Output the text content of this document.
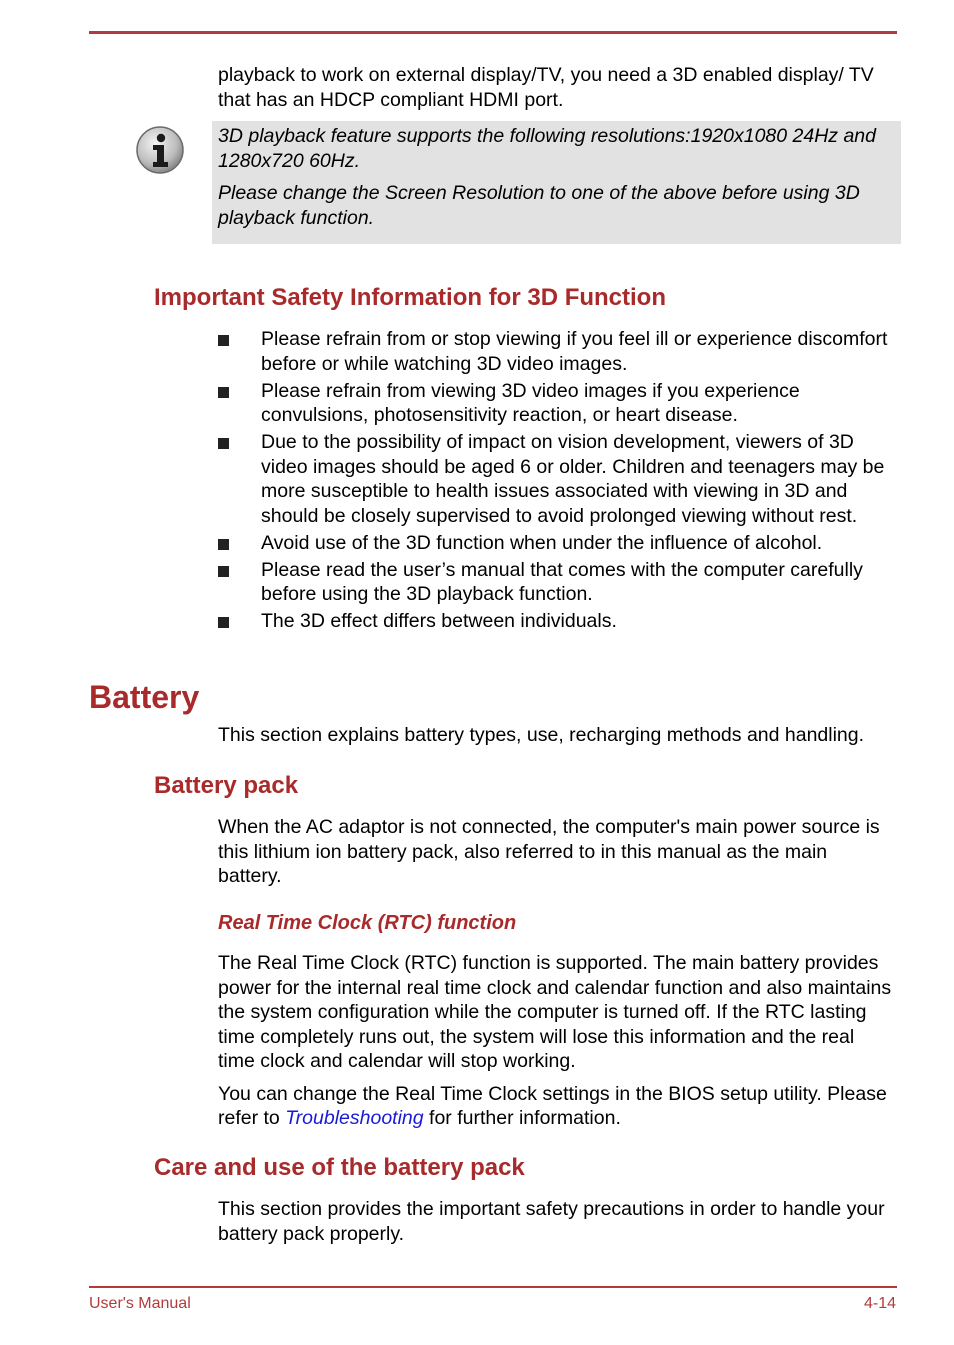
playback to work on external display/TV, you need a 3D enabled display/ TV that has an HDCP compliant HDMI port.

3D playback feature supports the following resolutions:1920x1080 24Hz and 1280x720 60Hz.

Please change the Screen Resolution to one of the above before using 3D playback function.

Important Safety Information for 3D Function
Please refrain from or stop viewing if you feel ill or experience discomfort before or while watching 3D video images.
Please refrain from viewing 3D video images if you experience convulsions, photosensitivity reaction, or heart disease.
Due to the possibility of impact on vision development, viewers of 3D video images should be aged 6 or older. Children and teenagers may be more susceptible to health issues associated with viewing in 3D and should be closely supervised to avoid prolonged viewing without rest.
Avoid use of the 3D function when under the influence of alcohol.
Please read the user’s manual that comes with the computer carefully before using the 3D playback function.
The 3D effect differs between individuals.
Battery

This section explains battery types, use, recharging methods and handling.

Battery pack

When the AC adaptor is not connected, the computer's main power source is this lithium ion battery pack, also referred to in this manual as the main battery.

Real Time Clock (RTC) function

The Real Time Clock (RTC) function is supported. The main battery provides power for the internal real time clock and calendar function and also maintains the system configuration while the computer is turned off. If the RTC lasting time completely runs out, the system will lose this information and the real time clock and calendar will stop working.

You can change the Real Time Clock settings in the BIOS setup utility. Please refer to Troubleshooting for further information.

Care and use of the battery pack

This section provides the important safety precautions in order to handle your battery pack properly.

User's Manual	4-14
